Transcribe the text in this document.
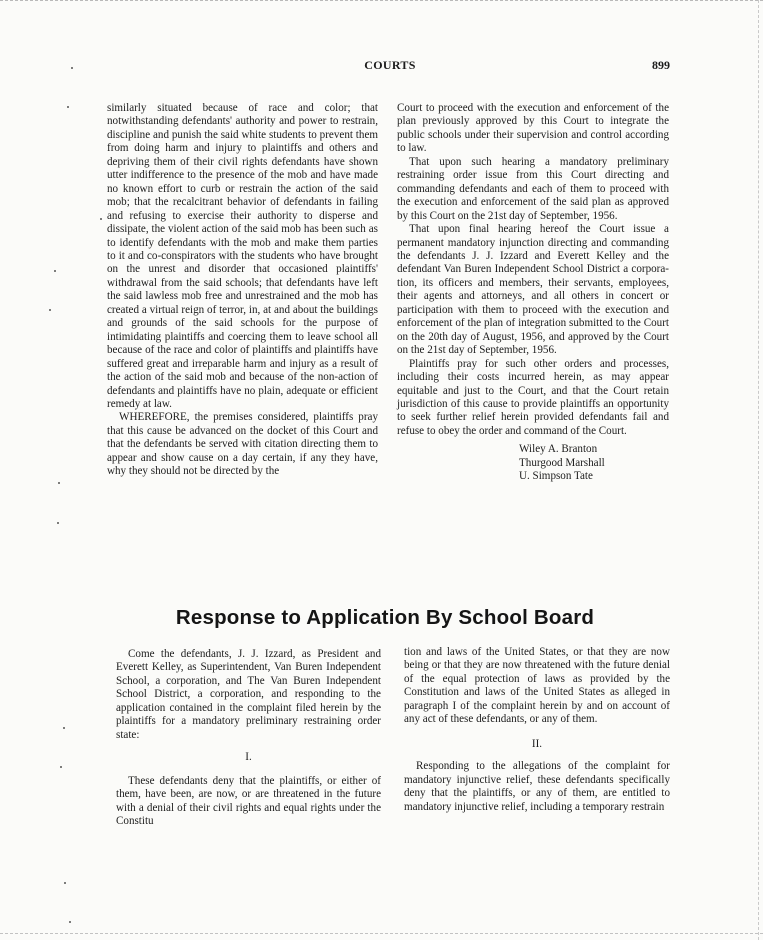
COURTS	899

similarly situated because of race and color; that notwithstanding defendants' authority and power to restrain, discipline and punish the said white students to prevent them from doing harm and injury to plaintiffs and others and depriving them of their civil rights defendants have shown utter indifference to the presence of the mob and have made no known effort to curb or restrain the action of the said mob; that the recalcitrant behavior of defendants in failing and refusing to exercise their authority to disperse and dissipate, the violent action of the said mob has been such as to identify defendants with the mob and make them parties to it and co-conspirators with the students who have brought on the unrest and disorder that occasioned plaintiffs' withdrawal from the said schools; that defendants have left the said lawless mob free and unrestrained and the mob has created a virtual reign of terror, in, at and about the buildings and grounds of the said schools for the purpose of intimidating plaintiffs and coercing them to leave school all because of the race and color of plaintiffs and plaintiffs have suffered great and irreparable harm and injury as a result of the action of the said mob and because of the non-action of defendants and plaintiffs have no plain, adequate or efficient remedy at law.

WHEREFORE, the premises considered, plaintiffs pray that this cause be advanced on the docket of this Court and that the defendants be served with citation directing them to appear and show cause on a day certain, if any they have, why they should not be directed by the

Court to proceed with the execution and enforcement of the plan previously approved by this Court to integrate the public schools under their supervision and control according to law.

That upon such hearing a mandatory preliminary restraining order issue from this Court directing and commanding defendants and each of them to proceed with the execution and enforcement of the said plan as approved by this Court on the 21st day of September, 1956.

That upon final hearing hereof the Court issue a permanent mandatory injunction directing and commanding the defendants J. J. Izzard and Everett Kelley and the defendant Van Buren Independent School District a corporation, its officers and members, their servants, employees, their agents and attorneys, and all others in concert or participation with them to proceed with the execution and enforcement of the plan of integration submitted to the Court on the 20th day of August, 1956, and approved by the Court on the 21st day of September, 1956.

Plaintiffs pray for such other orders and processes, including their costs incurred herein, as may appear equitable and just to the Court, and that the Court retain jurisdiction of this cause to provide plaintiffs an opportunity to seek further relief herein provided defendants fail and refuse to obey the order and command of the Court.

Wiley A. Branton
Thurgood Marshall
U. Simpson Tate

Response to Application By School Board

Come the defendants, J. J. Izzard, as President and Everett Kelley, as Superintendent, Van Buren Independent School, a corporation, and The Van Buren Independent School District, a corporation, and responding to the application contained in the complaint filed herein by the plaintiffs for a mandatory preliminary restraining order state:

I.

These defendants deny that the plaintiffs, or either of them, have been, are now, or are threatened in the future with a denial of their civil rights and equal rights under the Constitu

tion and laws of the United States, or that they are now being or that they are now threatened with the future denial of the equal protection of laws as provided by the Constitution and laws of the United States as alleged in paragraph I of the complaint herein by and on account of any act of these defendants, or any of them.

II.

Responding to the allegations of the complaint for mandatory injunctive relief, these defendants specifically deny that the plaintiffs, or any of them, are entitled to mandatory injunctive relief, including a temporary restrain
